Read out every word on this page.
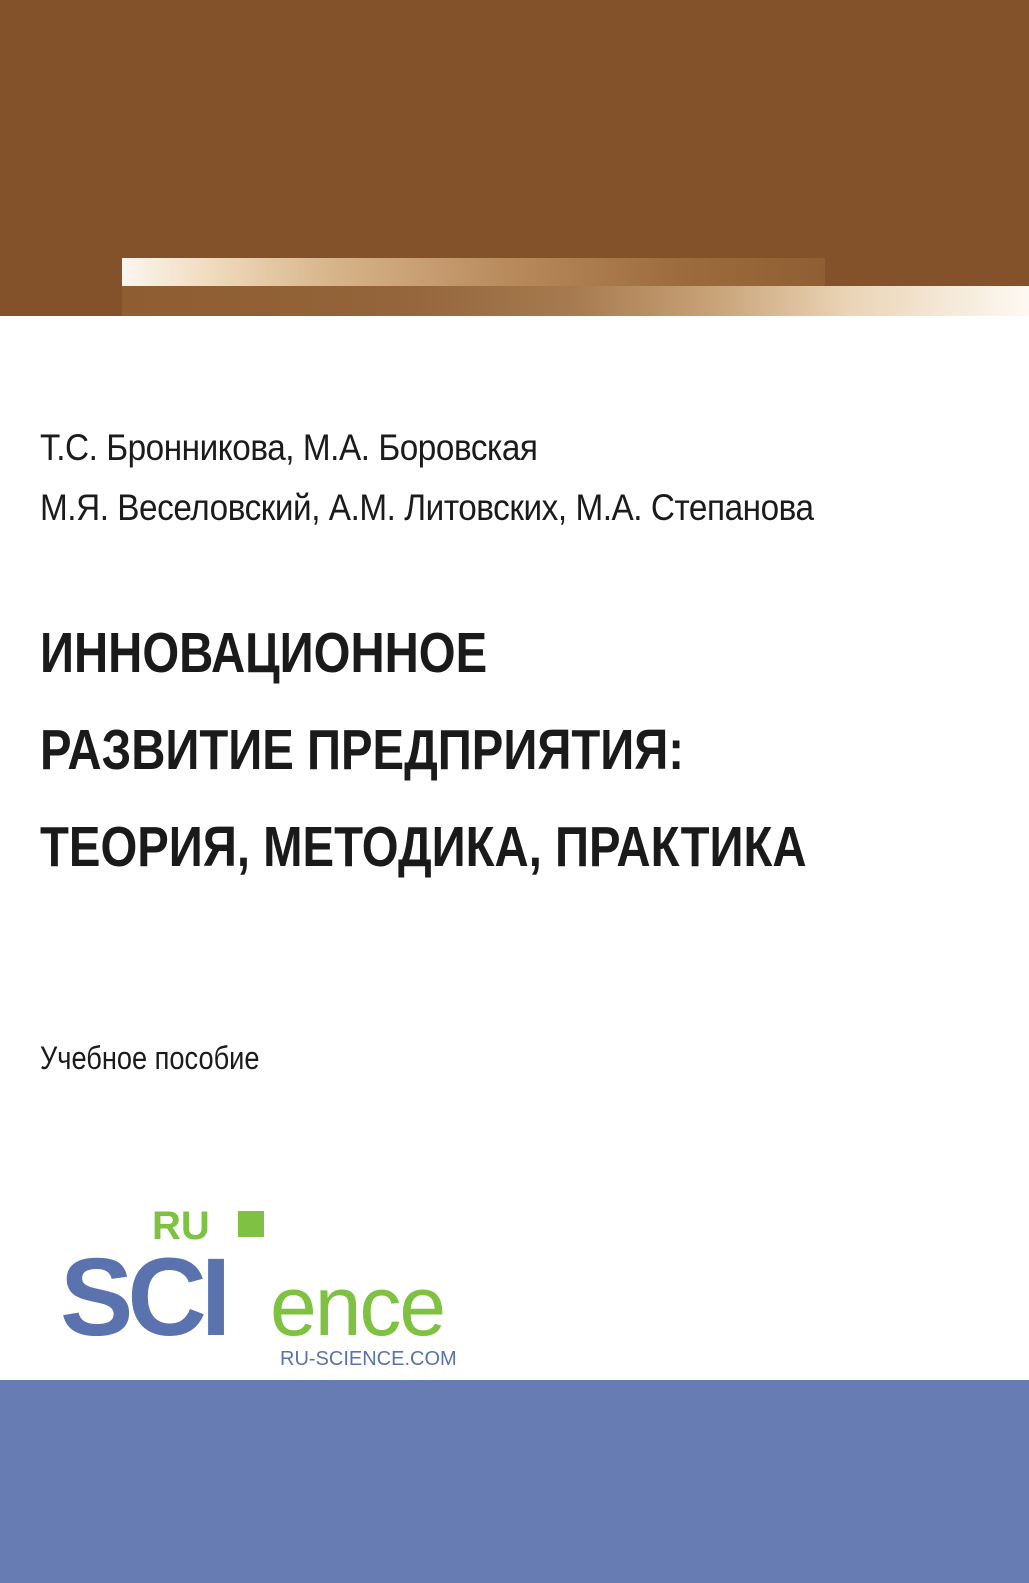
Т.С. Бронникова, М.А. Боровская
М.Я. Веселовский, А.М. Литовских, М.А. Степанова
ИННОВАЦИОННОЕ
РАЗВИТИЕ ПРЕДПРИЯТИЯ:
ТЕОРИЯ, МЕТОДИКА, ПРАКТИКА
Учебное пособие
RU
SCI ence
RU-SCIENCE.COM
